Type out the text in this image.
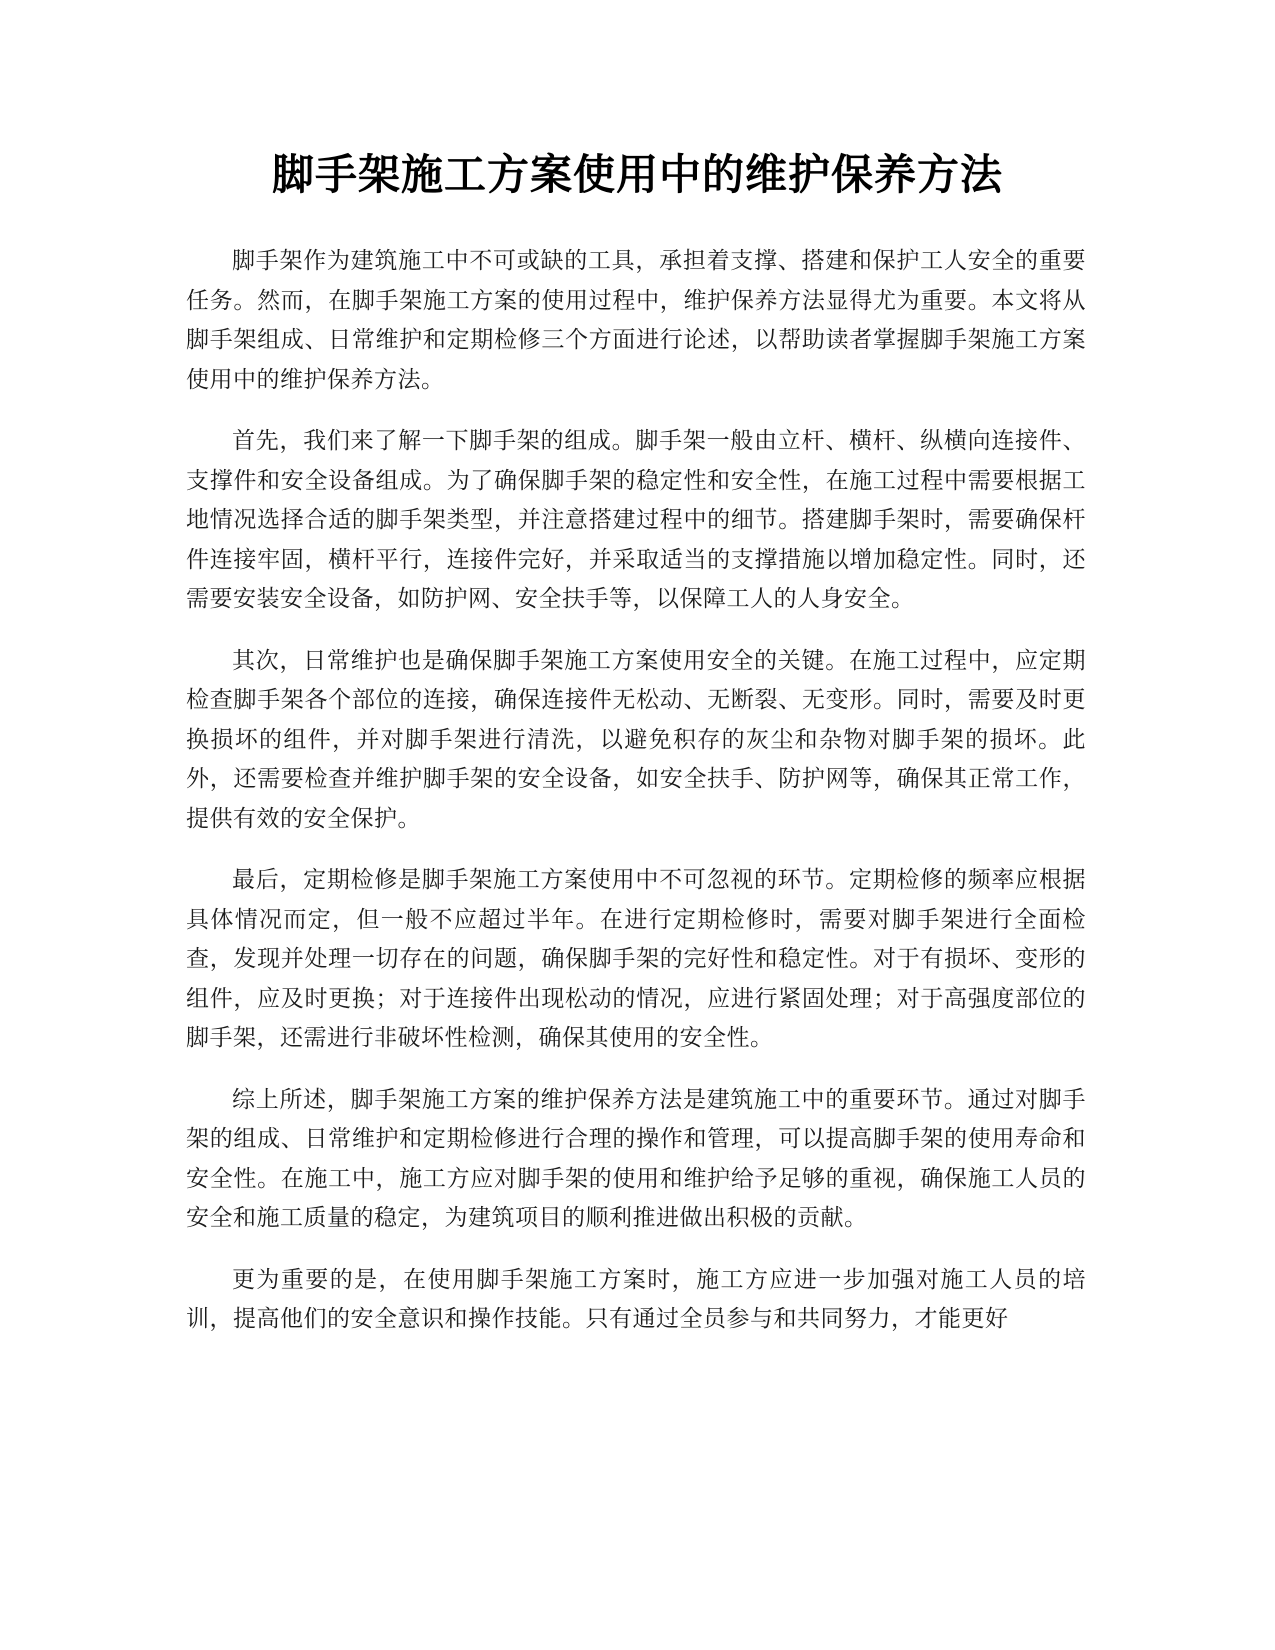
脚手架施工方案使用中的维护保养方法

脚手架作为建筑施工中不可或缺的工具，承担着支撑、搭建和保护工人安全的重要任务。然而，在脚手架施工方案的使用过程中，维护保养方法显得尤为重要。本文将从脚手架组成、日常维护和定期检修三个方面进行论述，以帮助读者掌握脚手架施工方案使用中的维护保养方法。

首先，我们来了解一下脚手架的组成。脚手架一般由立杆、横杆、纵横向连接件、支撑件和安全设备组成。为了确保脚手架的稳定性和安全性，在施工过程中需要根据工地情况选择合适的脚手架类型，并注意搭建过程中的细节。搭建脚手架时，需要确保杆件连接牢固，横杆平行，连接件完好，并采取适当的支撑措施以增加稳定性。同时，还需要安装安全设备，如防护网、安全扶手等，以保障工人的人身安全。

其次，日常维护也是确保脚手架施工方案使用安全的关键。在施工过程中，应定期检查脚手架各个部位的连接，确保连接件无松动、无断裂、无变形。同时，需要及时更换损坏的组件，并对脚手架进行清洗，以避免积存的灰尘和杂物对脚手架的损坏。此外，还需要检查并维护脚手架的安全设备，如安全扶手、防护网等，确保其正常工作，提供有效的安全保护。

最后，定期检修是脚手架施工方案使用中不可忽视的环节。定期检修的频率应根据具体情况而定，但一般不应超过半年。在进行定期检修时，需要对脚手架进行全面检查，发现并处理一切存在的问题，确保脚手架的完好性和稳定性。对于有损坏、变形的组件，应及时更换；对于连接件出现松动的情况，应进行紧固处理；对于高强度部位的脚手架，还需进行非破坏性检测，确保其使用的安全性。

综上所述，脚手架施工方案的维护保养方法是建筑施工中的重要环节。通过对脚手架的组成、日常维护和定期检修进行合理的操作和管理，可以提高脚手架的使用寿命和安全性。在施工中，施工方应对脚手架的使用和维护给予足够的重视，确保施工人员的安全和施工质量的稳定，为建筑项目的顺利推进做出积极的贡献。

更为重要的是，在使用脚手架施工方案时，施工方应进一步加强对施工人员的培训，提高他们的安全意识和操作技能。只有通过全员参与和共同努力，才能更好
